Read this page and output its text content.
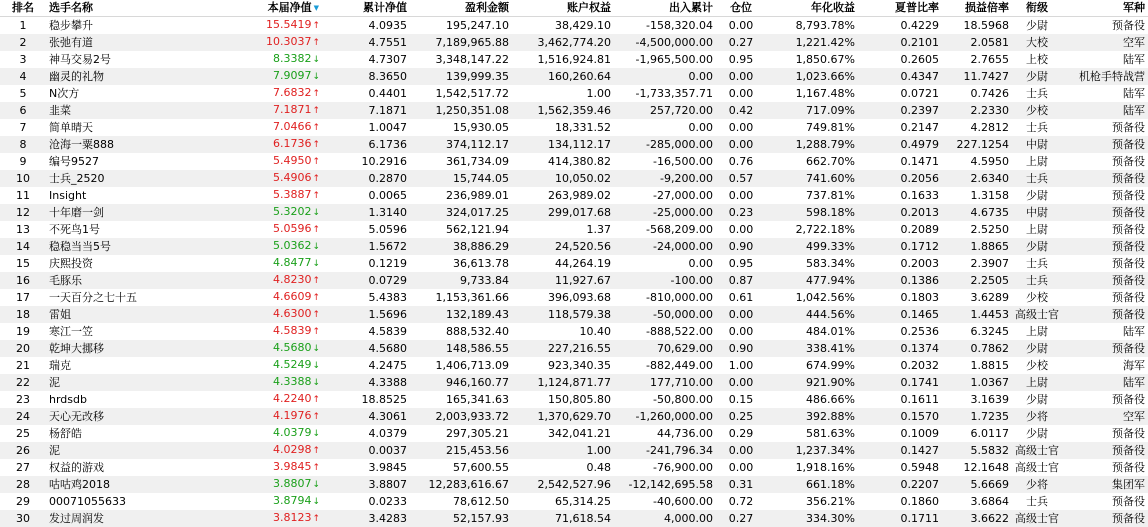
排名	选手名称	本届净值 ▼	累计净值	盈利金额	账户权益	出入累计	仓位	年化收益	夏普比率	损益倍率	衔级	军种
1	稳步攀升	15.5419↑	4.0935	195,247.10	38,429.10	-158,320.04	0.00	8,793.78%	0.4229	18.5968	少尉	预备役
2	张弛有道	10.3037↑	4.7551	7,189,965.88	3,462,774.20	-4,500,000.00	0.27	1,221.42%	0.2101	2.0581	大校	空军
3	神马交易2号	8.3382↓	4.7307	3,348,147.22	1,516,924.81	-1,965,500.00	0.95	1,850.67%	0.2605	2.7655	上校	陆军
4	幽灵的礼物	7.9097↓	8.3650	139,999.35	160,260.64	0.00	0.00	1,023.66%	0.4347	11.7427	少尉	机枪手特战营
5	N次方	7.6832↑	0.4401	1,542,517.72	1.00	-1,733,357.71	0.00	1,167.48%	0.0721	0.7426	士兵	陆军
6	韭菜	7.1871↑	7.1871	1,250,351.08	1,562,359.46	257,720.00	0.42	717.09%	0.2397	2.2330	少校	陆军
7	简单晴天	7.0466↑	1.0047	15,930.05	18,331.52	0.00	0.00	749.81%	0.2147	4.2812	士兵	预备役
8	沧海一粟888	6.1736↑	6.1736	374,112.17	134,112.17	-285,000.00	0.00	1,288.79%	0.4979	227.1254	中尉	预备役
9	编号9527	5.4950↑	10.2916	361,734.09	414,380.82	-16,500.00	0.76	662.70%	0.1471	4.5950	上尉	预备役
10	士兵_2520	5.4906↑	0.2870	15,744.05	10,050.02	-9,200.00	0.57	741.60%	0.2056	2.6340	士兵	预备役
11	Insight	5.3887↑	0.0065	236,989.01	263,989.02	-27,000.00	0.00	737.81%	0.1633	1.3158	少尉	预备役
12	十年磨一剑	5.3202↓	1.3140	324,017.25	299,017.68	-25,000.00	0.23	598.18%	0.2013	4.6735	中尉	预备役
13	不死鸟1号	5.0596↑	5.0596	562,121.94	1.37	-568,209.00	0.00	2,722.18%	0.2089	2.5250	上尉	预备役
14	稳稳当当5号	5.0362↓	1.5672	38,886.29	24,520.56	-24,000.00	0.90	499.33%	0.1712	1.8865	少尉	预备役
15	庆熙投资	4.8477↓	0.1219	36,613.78	44,264.19	0.00	0.95	583.34%	0.2003	2.3907	士兵	预备役
16	毛豚乐	4.8230↑	0.0729	9,733.84	11,927.67	-100.00	0.87	477.94%	0.1386	2.2505	士兵	预备役
17	一天百分之七十五	4.6609↑	5.4383	1,153,361.66	396,093.68	-810,000.00	0.61	1,042.56%	0.1803	3.6289	少校	预备役
18	雷姐	4.6300↑	1.5696	132,189.43	118,579.38	-50,000.00	0.00	444.56%	0.1465	1.4453	高级士官	预备役
19	寒江一笠	4.5839↑	4.5839	888,532.40	10.40	-888,522.00	0.00	484.01%	0.2536	6.3245	上尉	陆军
20	乾坤大挪移	4.5680↓	4.5680	148,586.55	227,216.55	70,629.00	0.90	338.41%	0.1374	0.7862	少尉	预备役
21	瑞克	4.5249↓	4.2475	1,406,713.09	923,340.35	-882,449.00	1.00	674.99%	0.2032	1.8815	少校	海军
22	泥	4.3388↓	4.3388	946,160.77	1,124,871.77	177,710.00	0.00	921.90%	0.1741	1.0367	上尉	陆军
23	hrdsdb	4.2240↑	18.8525	165,341.63	150,805.80	-50,800.00	0.15	486.66%	0.1611	3.1639	少尉	预备役
24	天心无改移	4.1976↑	4.3061	2,003,933.72	1,370,629.70	-1,260,000.00	0.25	392.88%	0.1570	1.7235	少将	空军
25	杨舒皓	4.0379↓	4.0379	297,305.21	342,041.21	44,736.00	0.29	581.63%	0.1009	6.0117	少尉	预备役
26	泥	4.0298↑	0.0037	215,453.56	1.00	-241,796.34	0.00	1,237.34%	0.1427	5.5832	高级士官	预备役
27	权益的游戏	3.9845↑	3.9845	57,600.55	0.48	-76,900.00	0.00	1,918.16%	0.5948	12.1648	高级士官	预备役
28	咕咕鸡2018	3.8807↓	3.8807	12,283,616.67	2,542,527.96	-12,142,695.58	0.31	661.18%	0.2207	5.6669	少将	集团军
29	00071055633	3.8794↓	0.0233	78,612.50	65,314.25	-40,600.00	0.72	356.21%	0.1860	3.6864	士兵	预备役
30	发过周润发	3.8123↑	3.4283	52,157.93	71,618.54	4,000.00	0.27	334.30%	0.1711	3.6622	高级士官	预备役
